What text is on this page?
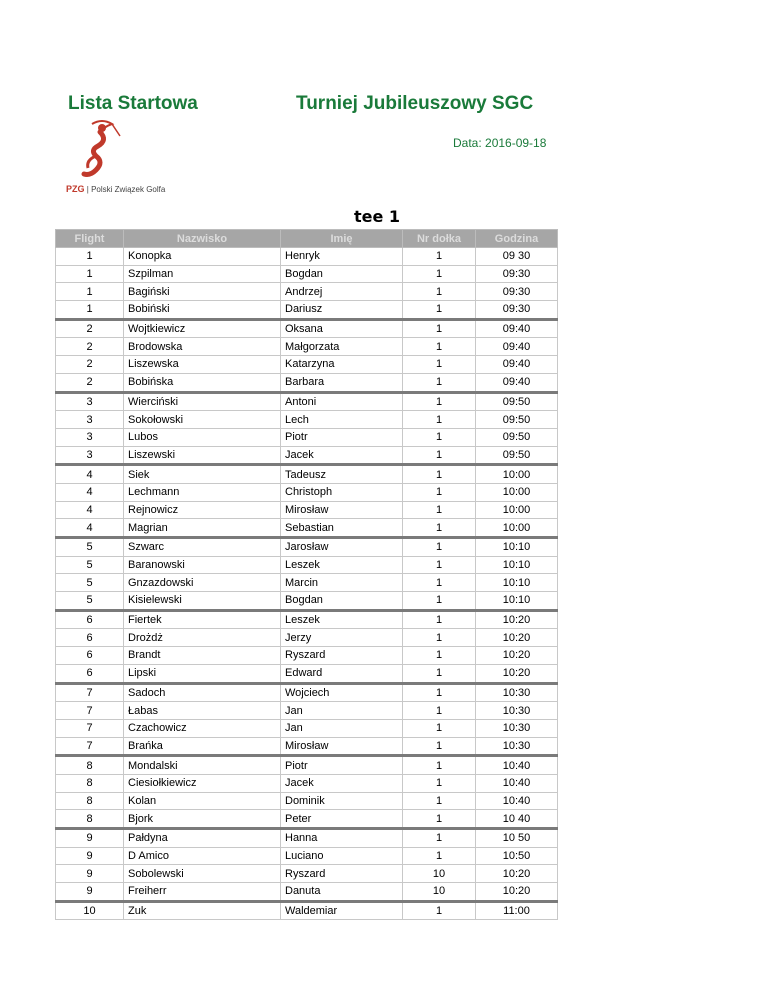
Lista Startowa	Turniej Jubileuszowy SGC
Data: 2016-09-18
PZG | Polski Związek Golfa
tee 1
Flight	Nazwisko	Imię	Nr dołka	Godzina
1	Konopka	Henryk	1	09 30
1	Szpilman	Bogdan	1	09:30
1	Bagiński	Andrzej	1	09:30
1	Bobiński	Dariusz	1	09:30
2	Wojtkiewicz	Oksana	1	09:40
2	Brodowska	Małgorzata	1	09:40
2	Liszewska	Katarzyna	1	09:40
2	Bobińska	Barbara	1	09:40
3	Wierciński	Antoni	1	09:50
3	Sokołowski	Lech	1	09:50
3	Lubos	Piotr	1	09:50
3	Liszewski	Jacek	1	09:50
4	Siek	Tadeusz	1	10:00
4	Lechmann	Christoph	1	10:00
4	Rejnowicz	Mirosław	1	10:00
4	Magrian	Sebastian	1	10:00
5	Szwarc	Jarosław	1	10:10
5	Baranowski	Leszek	1	10:10
5	Gnzazdowski	Marcin	1	10:10
5	Kisielewski	Bogdan	1	10:10
6	Fiertek	Leszek	1	10:20
6	Drożdż	Jerzy	1	10:20
6	Brandt	Ryszard	1	10:20
6	Lipski	Edward	1	10:20
7	Sadoch	Wojciech	1	10:30
7	Łabas	Jan	1	10:30
7	Czachowicz	Jan	1	10:30
7	Brańka	Mirosław	1	10:30
8	Mondalski	Piotr	1	10:40
8	Ciesiołkiewicz	Jacek	1	10:40
8	Kolan	Dominik	1	10:40
8	Bjork	Peter	1	10 40
9	Pałdyna	Hanna	1	10 50
9	D Amico	Luciano	1	10:50
9	Sobolewski	Ryszard	10	10:20
9	Freiherr	Danuta	10	10:20
10	Zuk	Waldemiar	1	11:00
